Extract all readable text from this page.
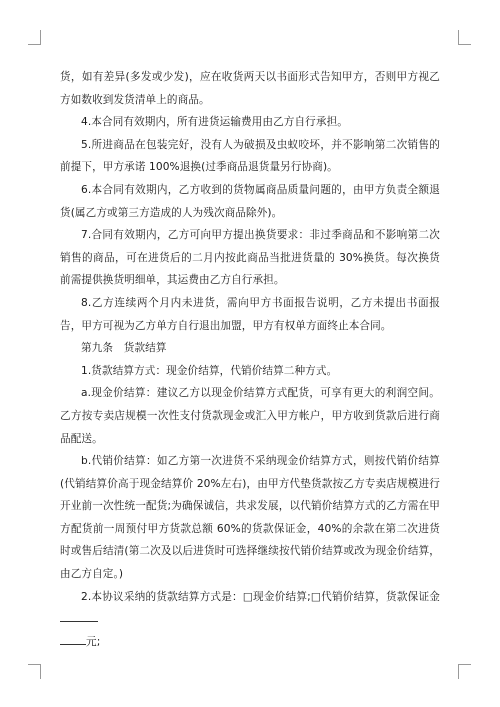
货，如有差异(多发或少发)，应在收货两天以书面形式告知甲方，否则甲方视乙方如数收到发货清单上的商品。

4.本合同有效期内，所有进货运输费用由乙方自行承担。

5.所进商品在包装完好，没有人为破损及虫蚁咬坏，并不影响第二次销售的前提下，甲方承诺 100%退换(过季商品退货量另行协商)。

6.本合同有效期内，乙方收到的货物属商品质量问题的，由甲方负责全额退货(属乙方或第三方造成的人为残次商品除外)。

7.合同有效期内，乙方可向甲方提出换货要求：非过季商品和不影响第二次销售的商品，可在进货后的二月内按此商品当批进货量的 30%换货。每次换货前需提供换货明细单，其运费由乙方自行承担。

8.乙方连续两个月内未进货，需向甲方书面报告说明，乙方未提出书面报告，甲方可视为乙方单方自行退出加盟，甲方有权单方面终止本合同。

第九条　货款结算

1.货款结算方式：现金价结算，代销价结算二种方式。

a.现金价结算：建议乙方以现金价结算方式配货，可享有更大的利润空间。乙方按专卖店规模一次性支付货款现金或汇入甲方帐户，甲方收到货款后进行商品配送。

b.代销价结算：如乙方第一次进货不采纳现金价结算方式，则按代销价结算(代销结算价高于现金结算价 20%左右)，由甲方代垫货款按乙方专卖店规模进行开业前一次性统一配货;为确保诚信，共求发展，以代销价结算方式的乙方需在甲方配货前一周预付甲方货款总额 60%的货款保证金，40%的余款在第二次进货时或售后结清(第二次及以后进货时可选择继续按代销价结算或改为现金价结算，由乙方自定。)

2.本协议采纳的货款结算方式是：□现金价结算;□代销价结算，货款保证金
元;
